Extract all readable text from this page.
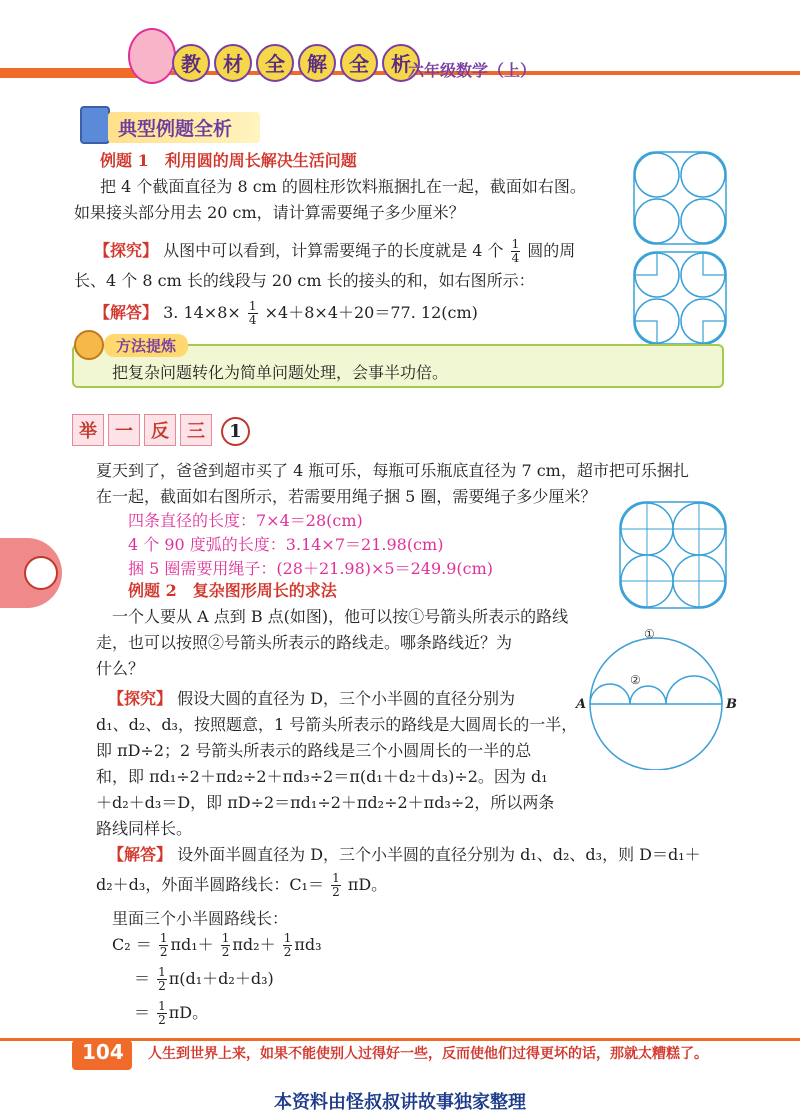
教 材 全 解 全 析
六年级数学（上）
典型例题全析
例题 1　利用圆的周长解决生活问题
把 4 个截面直径为 8 cm 的圆柱形饮料瓶捆扎在一起，截面如右图。
如果接头部分用去 20 cm，请计算需要绳子多少厘米？
【探究】 从图中可以看到，计算需要绳子的长度就是 4 个 $\frac{1}{4}$ 圆的周
长、4 个 8 cm 长的线段与 20 cm 长的接头的和，如右图所示：
【解答】 3. $14\times 8\times \frac{1}{4} \times 4+8\times 4+20=77$. 12(cm)
方法提炼
把复杂问题转化为简单问题处理，会事半功倍。
举 一 反 三 1
夏天到了，爸爸到超市买了 4 瓶可乐，每瓶可乐瓶底直径为 7 cm，超市把可乐捆扎
在一起，截面如右图所示，若需要用绳子捆 5 圈，需要绳子多少厘米？
四条直径的长度：7×4＝28(cm)
4 个 90 度弧的长度：3.14×7＝21.98(cm)
捆 5 圈需要用绳子：(28＋21.98)×5＝249.9(cm)
例题 2　复杂图形周长的求法
一个人要从 A 点到 B 点(如图)，他可以按①号箭头所表示的路线
走，也可以按照②号箭头所表示的路线走。哪条路线近？为
什么？
【探究】 假设大圆的直径为 D，三个小半圆的直径分别为
d₁、d₂、d₃，按照题意，1 号箭头所表示的路线是大圆周长的一半，
即 πD÷2；2 号箭头所表示的路线是三个小圆周长的一半的总
和，即 πd₁÷2＋πd₂÷2＋πd₃÷2＝π(d₁＋d₂＋d₃)÷2。因为 d₁
＋d₂＋d₃＝D，即 πD÷2＝πd₁÷2＋πd₂÷2＋πd₃÷2，所以两条
路线同样长。
①
②
A	B
【解答】 设外面半圆直径为 D，三个小半圆的直径分别为 d₁、d₂、d₃，则 D＝d₁＋
d₂＋d₃，外面半圆路线长：$C_1= \frac{1}{2}$ πD。
里面三个小半圆路线长：
$C_2 = \frac{1}{2} \pi d_1+ \frac{1}{2} \pi d_2+ \frac{1}{2} \pi d_3$
＝ $\frac{1}{2} \pi(d_1+d_2+d_3)$
＝ $\frac{1}{2}$ πD。
104 人生到世界上来，如果不能使别人过得好一些，反而使他们过得更坏的话，那就太糟糕了。
本资料由怪叔叔讲故事独家整理
